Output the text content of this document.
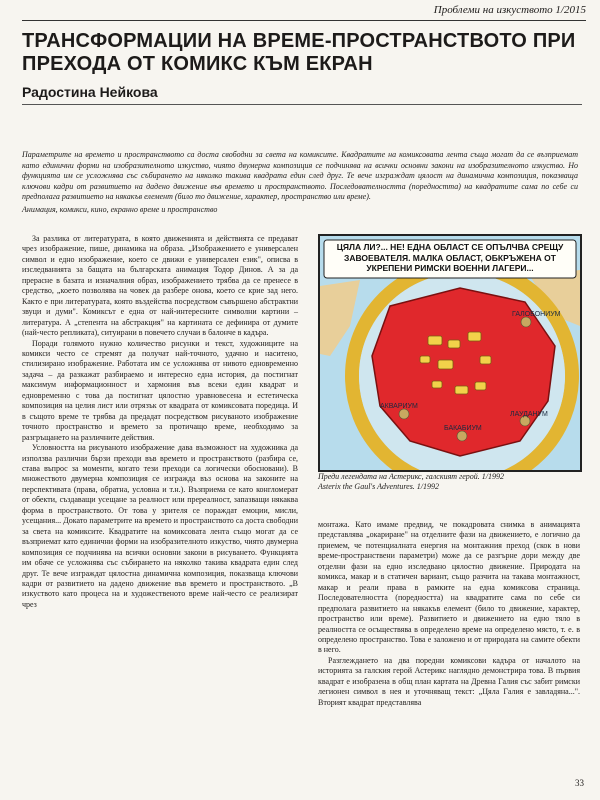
Проблеми на изкуството 1/2015
ТРАНСФОРМАЦИИ НА ВРЕМЕ-ПРОСТРАНСТВОТО ПРИ ПРЕХОДА ОТ КОМИКС КЪМ ЕКРАН
Радостина Нейкова
Параметрите на времето и пространството са доста свободни за света на комиксите. Квадратите на комиксовата лента съща могат да се възприемат като единични форми на изобразителното изкуство, чиято двумерна композиция се подчинява на всички основни закони на изобразителното изкуство. Но функцията им се усложнява със събирането на няколко такива квадрата един след друг. Те вече изграждат цялост на динамична композиция, показваща ключови кадри от развитието на дадено движение във времето и пространството. Последователността (поредността) на квадратите сама по себе си предполага развитието на някакъв елемент (било то движение, характер, пространство или време).
Анимация, комикси, кино, екранно време и пространство

За разлика от литературата, в която движенията и действията се предават чрез изображение, пише, динамика на образа. „Изображението е универсален символ и едно изображение, което се движи е универсален език", описва в изследванията за бащата на българската анимация Тодор Динов. А за да прерасне в базата и изначалния образ, изображението трябва да се пренесе в средство, „което позволява на човек да разбере онова, което се крие зад него. Както е при литературата, която въздейства посредством съвършено абстрактни звуци и думи". Комиксът е една от най-интересните символни картини – литература. А „степента на абстракция" на картината се дефинира от думите (най-често репликата), ситуирани в повечето случаи в балонче в кадъра.

Поради голямото нужно количество рисунки и текст, художниците на комикси често се стремят да получат най-точното, удачно и наситено, стилизирано изображение. Работата им се усложнява от нивото едновременно задача – да разкажат разбираемо и интересно една история, да постигнат максимум информационност и хармония във всеки един квадрат и едновременно с това да постигнат цялостно уравновесена и естетическа композиция на целия лист или отрязък от квадрата от комиксовата поредица. И в същото време те трябва да предадат посредством рисуваното изображение точното пространство и времето за протичащо време, необходимо за разгръщането на различните действия.

Условността на рисуваното изображение дава възможност на художника да използва различни бързи преходи във времето и пространството (разбира се, става въпрос за моменти, когато тези преходи са логически обосновани). В множеството двумерна композиция се изгражда въз основа на законите на перспективата (права, обратна, условна и т.н.). Възприема се като конгломерат от обекти, създаващи усещане за реалност или пререалност, запазващи някаква форма в пространството. От това у зрителя се пораждат емоции, мисли, усещания... Докато параметрите на времето и пространството са доста свободни за света на комиксите. Квадратите на комиксовата лента също могат да се възприемат като единични форми на изобразителното изкуство, чиято двумерна композиция се подчинява на всички основни закони в рисуването. Функцията им обаче се усложнява със събирането на няколко такива квадрата един след друг. Те вече изграждат цялостна динамична композиция, показваща ключови кадри от развитието на дадено движение във времето и пространството. „В изкуството като процеса на и художественото време най-често се реализират чрез

ЦЯЛА ЛИ?... НЕ! ЕДНА ОБЛАСТ СЕ ОПЪЛЧВА СРЕЩУ ЗАВОЕВАТЕЛЯ. МАЛКА ОБЛАСТ, ОБКРЪЖЕНА ОТ УКРЕПЕНИ РИМСКИ ВОЕННИ ЛАГЕРИ...
ГАЛОБОНИУМ
АКВАРИУМ
ЛАУДАНУМ
БАКАБИУМ
Преди легендата на Астерикс, галският герой. 1/1992
Asterix the Gaul's Adventures. 1/1992

монтажа. Като имаме предвид, че покадровата снимка в анимацията представлява „окариране" на отделните фази на движението, е логично да приемем, че потенциалната енергия на монтажния преход (скок в нови време-пространствени параметри) може да се разгърне дори между две отделни фази на едно изследвано цялостно движение. Природата на комикса, макар и в статичен вариант, също разчита на такава монтажност, макар и реали права в рамките на една комиксова страница. Последователността (поредността) на квадратите сама по себе си предполага развитието на някакъв елемент (било то движение, характер, пространство или време). Развитието и движението на едно тяло в реалността се осъществява в определено време на определено място, т. е. в определено пространство. Това е заложено и от природата на самите обекти в него.

Разглеждането на два поредни комиксови кадъра от началото на историята за галския герой Астерикс наглядно демонстрира това. В първия квадрат е изобразена в общ план картата на Древна Галия със забит римски легионен символ в нея и уточняващ текст: „Цяла Галия е завладяна...". Вторият квадрат представлява

33
